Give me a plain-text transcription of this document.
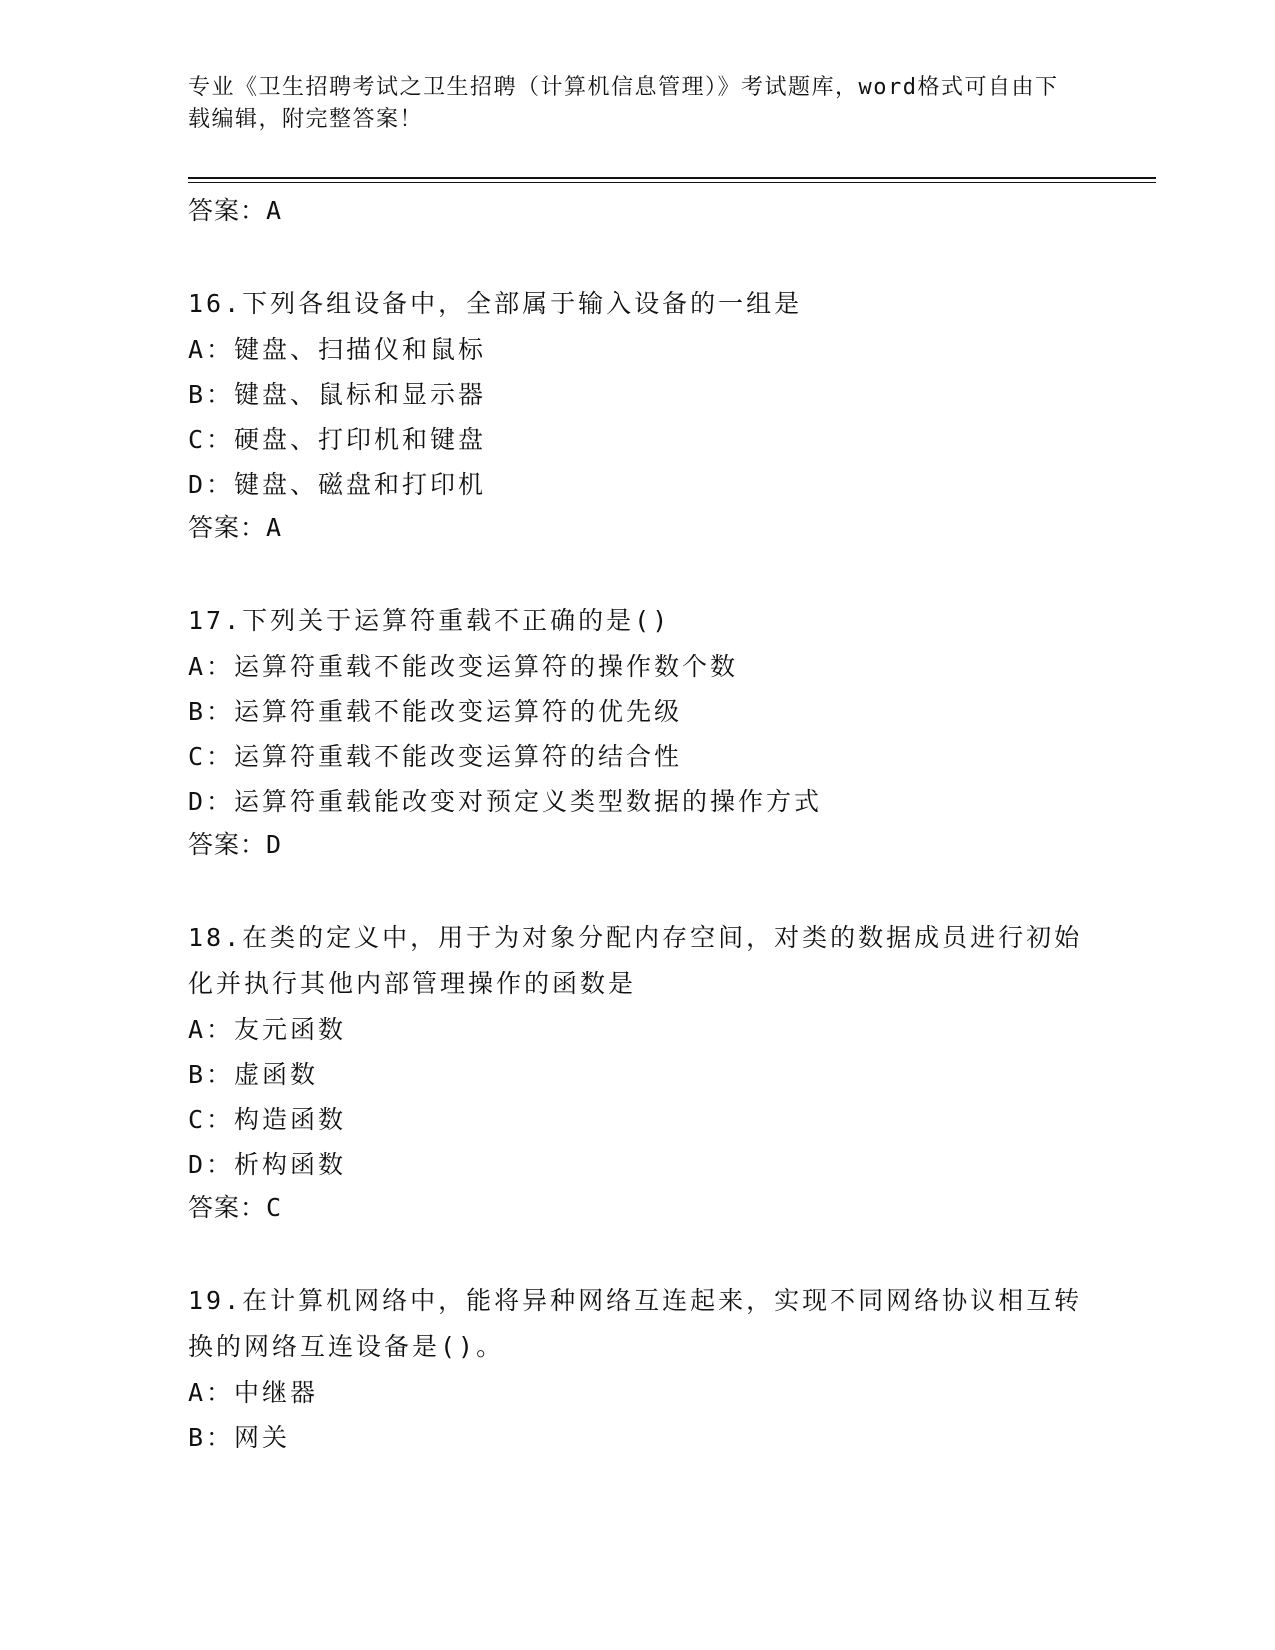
专业《卫生招聘考试之卫生招聘（计算机信息管理）》考试题库，word格式可自由下载编辑，附完整答案！
答案：A
16.下列各组设备中，全部属于输入设备的一组是
A：键盘、扫描仪和鼠标
B：键盘、鼠标和显示器
C：硬盘、打印机和键盘
D：键盘、磁盘和打印机
答案：A
17.下列关于运算符重载不正确的是()
A：运算符重载不能改变运算符的操作数个数
B：运算符重载不能改变运算符的优先级
C：运算符重载不能改变运算符的结合性
D：运算符重载能改变对预定义类型数据的操作方式
答案：D
18.在类的定义中，用于为对象分配内存空间，对类的数据成员进行初始化并执行其他内部管理操作的函数是
A：友元函数
B：虚函数
C：构造函数
D：析构函数
答案：C
19.在计算机网络中，能将异种网络互连起来，实现不同网络协议相互转换的网络互连设备是()。
A：中继器
B：网关
